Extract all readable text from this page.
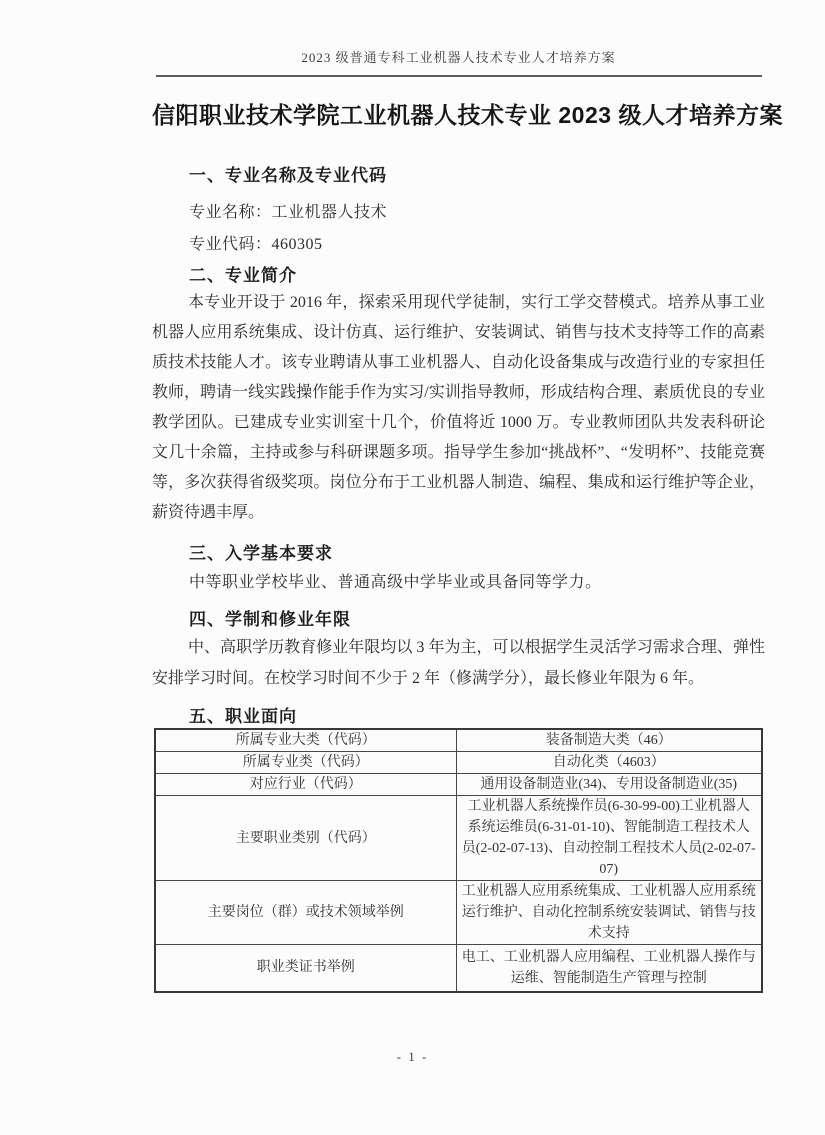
2023 级普通专科工业机器人技术专业人才培养方案
信阳职业技术学院工业机器人技术专业 2023 级人才培养方案
一、专业名称及专业代码
专业名称：工业机器人技术
专业代码：460305
二、专业简介
本专业开设于 2016 年，探索采用现代学徒制，实行工学交替模式。培养从事工业机器人应用系统集成、设计仿真、运行维护、安装调试、销售与技术支持等工作的高素质技术技能人才。该专业聘请从事工业机器人、自动化设备集成与改造行业的专家担任教师，聘请一线实践操作能手作为实习/实训指导教师，形成结构合理、素质优良的专业教学团队。已建成专业实训室十几个，价值将近 1000 万。专业教师团队共发表科研论文几十余篇，主持或参与科研课题多项。指导学生参加“挑战杯”、“发明杯”、技能竞赛等，多次获得省级奖项。岗位分布于工业机器人制造、编程、集成和运行维护等企业，薪资待遇丰厚。
三、入学基本要求
中等职业学校毕业、普通高级中学毕业或具备同等学力。
四、学制和修业年限
中、高职学历教育修业年限均以 3 年为主，可以根据学生灵活学习需求合理、弹性安排学习时间。在校学习时间不少于 2 年（修满学分），最长修业年限为 6 年。
五、职业面向
所属专业大类（代码）	装备制造大类（46）
所属专业类（代码）	自动化类（4603）
对应行业（代码）	通用设备制造业(34)、专用设备制造业(35)
主要职业类别（代码）	工业机器人系统操作员(6-30-99-00)工业机器人系统运维员(6-31-01-10)、智能制造工程技术人员(2-02-07-13)、自动控制工程技术人员(2-02-07-07)
主要岗位（群）或技术领域举例	工业机器人应用系统集成、工业机器人应用系统运行维护、自动化控制系统安装调试、销售与技术支持
职业类证书举例	电工、工业机器人应用编程、工业机器人操作与运维、智能制造生产管理与控制
- 1 -
